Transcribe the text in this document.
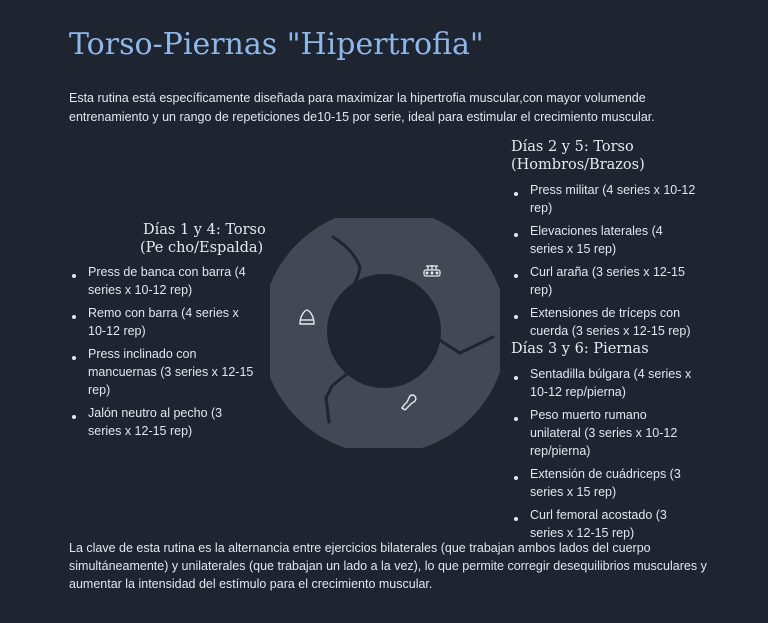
Torso-Piernas "Hipertrofia"
Esta rutina está específicamente diseñada para maximizar la hipertrofia muscular,con mayor volumende entrenamiento y un rango de repeticiones de10-15 por serie, ideal para estimular el crecimiento muscular.
Días 1 y 4: Torso
(Pe cho/Espalda)
Press de banca con barra (4 series x 10-12 rep)
Remo con barra (4 series x 10-12 rep)
Press inclinado con mancuernas (3 series x 12-15 rep)
Jalón neutro al pecho (3 series x 12-15 rep)
Días 2 y 5: Torso
(Hombros/Brazos)
Press militar (4 series x 10-12 rep)
Elevaciones laterales (4 series x 15 rep)
Curl araña (3 series x 12-15 rep)
Extensiones de tríceps con cuerda (3 series x 12-15 rep)
Días 3 y 6: Piernas
Sentadilla búlgara (4 series x 10-12 rep/pierna)
Peso muerto rumano unilateral (3 series x 10-12 rep/pierna)
Extensión de cuádriceps (3 series x 15 rep)
Curl femoral acostado (3 series x 12-15 rep)
La clave de esta rutina es la alternancia entre ejercicios bilaterales (que trabajan ambos lados del cuerpo simultáneamente) y unilaterales (que trabajan un lado a la vez), lo que permite corregir desequilibrios musculares y aumentar la intensidad del estímulo para el crecimiento muscular.
